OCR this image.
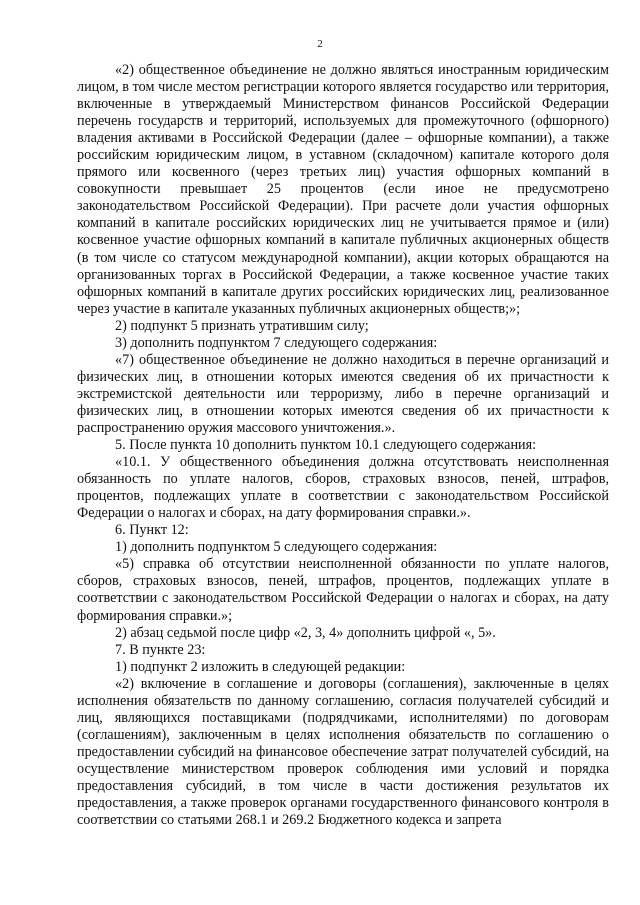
2

«2) общественное объединение не должно являться иностранным юридическим лицом, в том числе местом регистрации которого является государство или территория, включенные в утверждаемый Министерством финансов Российской Федерации перечень государств и территорий, используемых для промежуточного (офшорного) владения активами в Российской Федерации (далее – офшорные компании), а также российским юридическим лицом, в уставном (складочном) капитале которого доля прямого или косвенного (через третьих лиц) участия офшорных компаний в совокупности превышает 25 процентов (если иное не предусмотрено законодательством Российской Федерации). При расчете доли участия офшорных компаний в капитале российских юридических лиц не учитывается прямое и (или) косвенное участие офшорных компаний в капитале публичных акционерных обществ (в том числе со статусом международной компании), акции которых обращаются на организованных торгах в Российской Федерации, а также косвенное участие таких офшорных компаний в капитале других российских юридических лиц, реализованное через участие в капитале указанных публичных акционерных обществ;»;

2) подпункт 5 признать утратившим силу;

3) дополнить подпунктом 7 следующего содержания:

«7) общественное объединение не должно находиться в перечне организаций и физических лиц, в отношении которых имеются сведения об их причастности к экстремистской деятельности или терроризму, либо в перечне организаций и физических лиц, в отношении которых имеются сведения об их причастности к распространению оружия массового уничтожения.».

5. После пункта 10 дополнить пунктом 10.1 следующего содержания:

«10.1. У общественного объединения должна отсутствовать неисполненная обязанность по уплате налогов, сборов, страховых взносов, пеней, штрафов, процентов, подлежащих уплате в соответствии с законодательством Российской Федерации о налогах и сборах, на дату формирования справки.».

6. Пункт 12:

1) дополнить подпунктом 5 следующего содержания:

«5) справка об отсутствии неисполненной обязанности по уплате налогов, сборов, страховых взносов, пеней, штрафов, процентов, подлежащих уплате в соответствии с законодательством Российской Федерации о налогах и сборах, на дату формирования справки.»;

2) абзац седьмой после цифр «2, 3, 4» дополнить цифрой «, 5».

7. В пункте 23:

1) подпункт 2 изложить в следующей редакции:

«2) включение в соглашение и договоры (соглашения), заключенные в целях исполнения обязательств по данному соглашению, согласия получателей субсидий и лиц, являющихся поставщиками (подрядчиками, исполнителями) по договорам (соглашениям), заключенным в целях исполнения обязательств по соглашению о предоставлении субсидий на финансовое обеспечение затрат получателей субсидий, на осуществление министерством проверок соблюдения ими условий и порядка предоставления субсидий, в том числе в части достижения результатов их предоставления, а также проверок органами государственного финансового контроля в соответствии со статьями 268.1 и 269.2 Бюджетного кодекса и запрета
